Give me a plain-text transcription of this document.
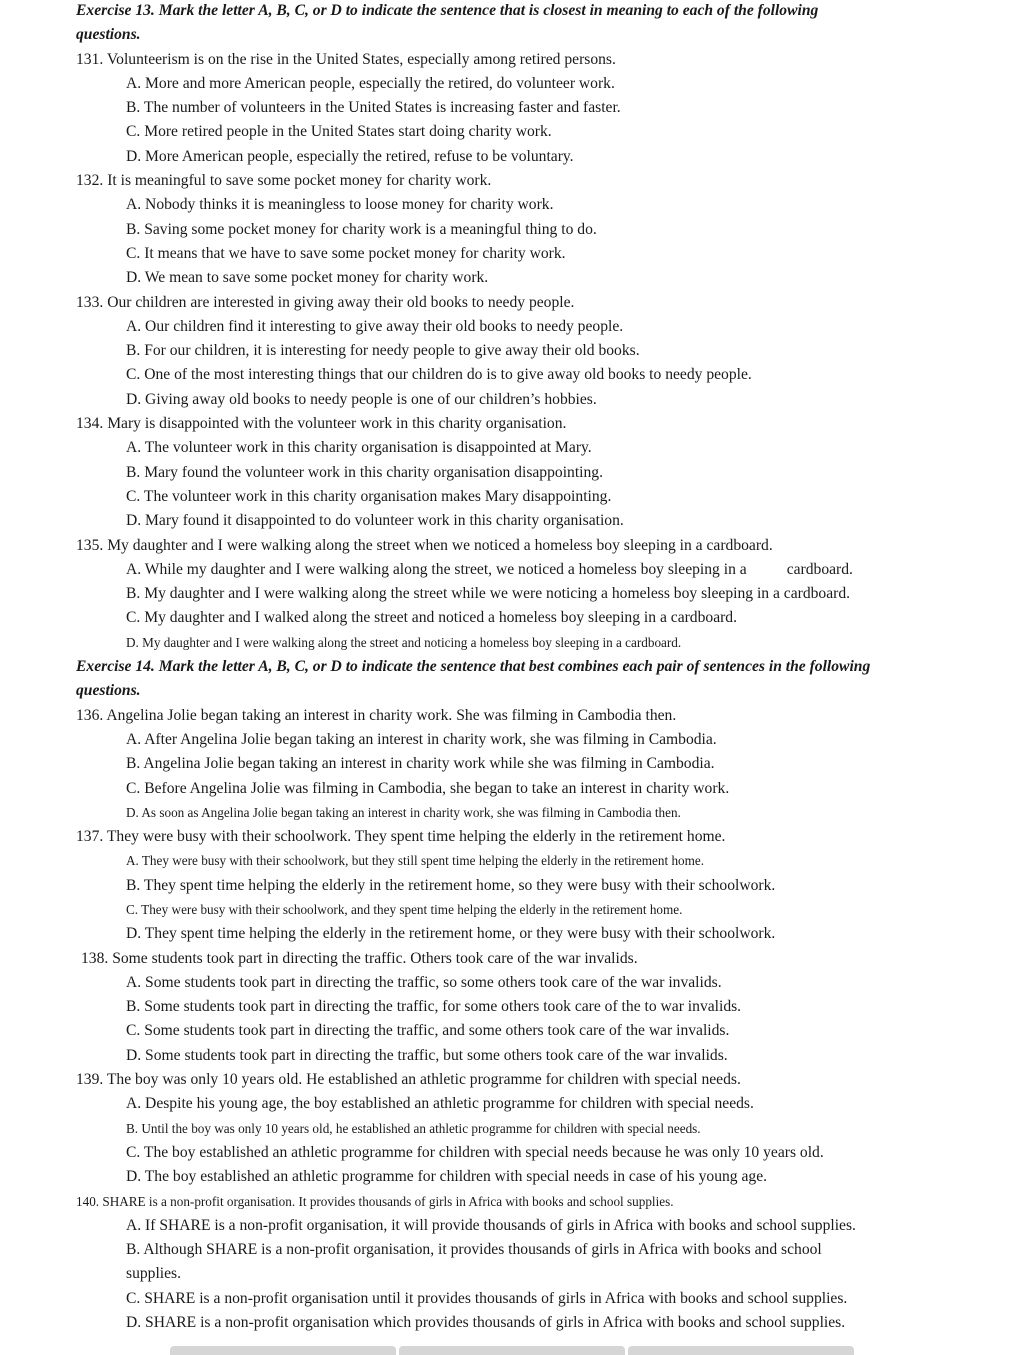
Exercise 13. Mark the letter A, B, C, or D to indicate the sentence that is closest in meaning to each of the following
questions.
131. Volunteerism is on the rise in the United States, especially among retired persons.
A. More and more American people, especially the retired, do volunteer work.
B. The number of volunteers in the United States is increasing faster and faster.
C. More retired people in the United States start doing charity work.
D. More American people, especially the retired, refuse to be voluntary.
132. It is meaningful to save some pocket money for charity work.
A. Nobody thinks it is meaningless to loose money for charity work.
B. Saving some pocket money for charity work is a meaningful thing to do.
C. It means that we have to save some pocket money for charity work.
D. We mean to save some pocket money for charity work.
133. Our children are interested in giving away their old books to needy people.
A. Our children find it interesting to give away their old books to needy people.
B. For our children, it is interesting for needy people to give away their old books.
C. One of the most interesting things that our children do is to give away old books to needy people.
D. Giving away old books to needy people is one of our children’s hobbies.
134. Mary is disappointed with the volunteer work in this charity organisation.
A. The volunteer work in this charity organisation is disappointed at Mary.
B. Mary found the volunteer work in this charity organisation disappointing.
C. The volunteer work in this charity organisation makes Mary disappointing.
D. Mary found it disappointed to do volunteer work in this charity organisation.
135. My daughter and I were walking along the street when we noticed a homeless boy sleeping in a cardboard.
A. While my daughter and I were walking along the street, we noticed a homeless boy sleeping in a	cardboard.
B. My daughter and I were walking along the street while we were noticing a homeless boy sleeping in a cardboard.
C. My daughter and I walked along the street and noticed a homeless boy sleeping in a cardboard.
D. My daughter and I were walking along the street and noticing a homeless boy sleeping in a cardboard.
Exercise 14. Mark the letter A, B, C, or D to indicate the sentence that best combines each pair of sentences in the following
questions.
136. Angelina Jolie began taking an interest in charity work. She was filming in Cambodia then.
A. After Angelina Jolie began taking an interest in charity work, she was filming in Cambodia.
B. Angelina Jolie began taking an interest in charity work while she was filming in Cambodia.
C. Before Angelina Jolie was filming in Cambodia, she began to take an interest in charity work.
D. As soon as Angelina Jolie began taking an interest in charity work, she was filming in Cambodia then.
137. They were busy with their schoolwork. They spent time helping the elderly in the retirement home.
A. They were busy with their schoolwork, but they still spent time helping the elderly in the retirement home.
B. They spent time helping the elderly in the retirement home, so they were busy with their schoolwork.
C. They were busy with their schoolwork, and they spent time helping the elderly in the retirement home.
D. They spent time helping the elderly in the retirement home, or they were busy with their schoolwork.
138. Some students took part in directing the traffic. Others took care of the war invalids.
A. Some students took part in directing the traffic, so some others took care of the war invalids.
B. Some students took part in directing the traffic, for some others took care of the to war invalids.
C. Some students took part in directing the traffic, and some others took care of the war invalids.
D. Some students took part in directing the traffic, but some others took care of the war invalids.
139. The boy was only 10 years old. He established an athletic programme for children with special needs.
A. Despite his young age, the boy established an athletic programme for children with special needs.
B. Until the boy was only 10 years old, he established an athletic programme for children with special needs.
C. The boy established an athletic programme for children with special needs because he was only 10 years old.
D. The boy established an athletic programme for children with special needs in case of his young age.
140. SHARE is a non-profit organisation. It provides thousands of girls in Africa with books and school supplies.
A. If SHARE is a non-profit organisation, it will provide thousands of girls in Africa with books and school supplies.
B. Although SHARE is a non-profit organisation, it provides thousands of girls in Africa with books and school
supplies.
C. SHARE is a non-profit organisation until it provides thousands of girls in Africa with books and school supplies.
D. SHARE is a non-profit organisation which provides thousands of girls in Africa with books and school supplies.
